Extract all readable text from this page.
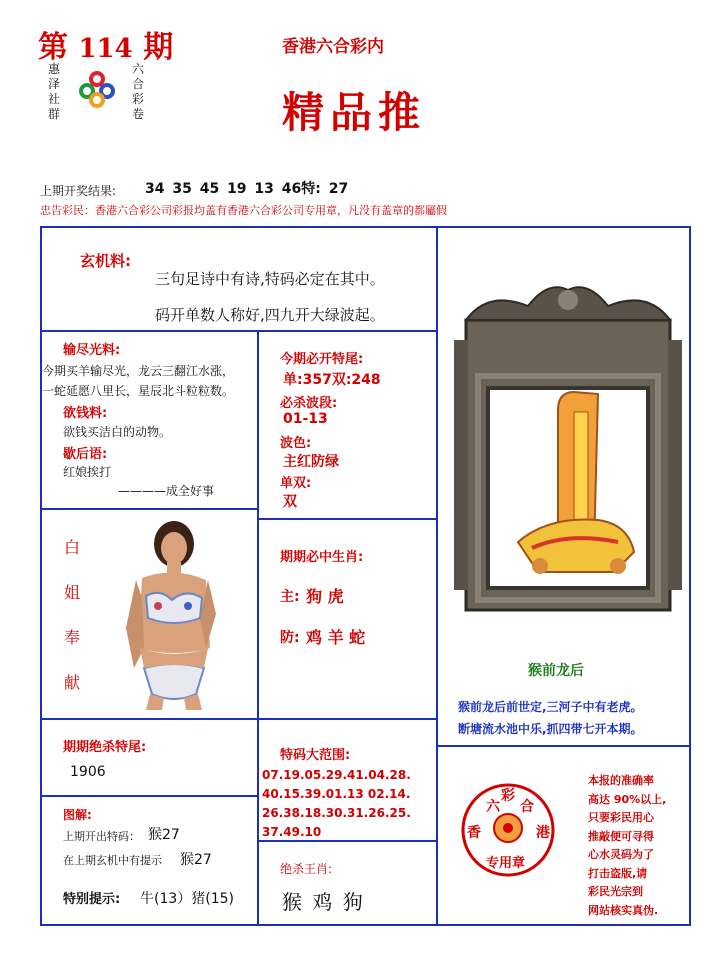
第 114 期
惠泽社群
六合彩卷
香港六合彩内
精品推
上期开奖结果: 34 35 45 19 13 46特: 27
忠告彩民：香港六合彩公司彩报均盖有香港六合彩公司专用章，凡没有盖章的都屬假
玄机料:
三句足诗中有诗,特码必定在其中。
码开单数人称好,四九开大绿波起。
输尽光料:
今期买羊输尽光，龙云三翻江水涨，
一蛇延愿八里长，星辰北斗粒粒数。
欲钱料:
欲钱买洁白的动物。
歇后语:
红娘挨打
————成全好事
今期必开特尾:
单:357双:248
必杀波段:
01-13
波色:
主红防绿
单双:
双
白
姐
奉
献
期期必中生肖:
主: 狗 虎
防: 鸡 羊 蛇
猴前龙后
猴前龙后前世定,三河子中有老虎。
断塘流水池中乐,抓四带七开本期。
期期绝杀特尾:
1906
特码大范围:
07.19.05.29.41.04.28.
40.15.39.01.13 02.14.
26.38.18.30.31.26.25.
37.49.10
图解:
上期开出特码： 猴27
在上期玄机中有提示 猴27
特别提示: 牛(13）猪(15)
绝杀王肖:
猴 鸡 狗
六
彩
合
香	港
专用章
本报的准确率
高达 90%以上,
只要彩民用心
推敲便可寻得
心水灵码为了
打击盗版,请
彩民光宗到
网站核实真伪.
